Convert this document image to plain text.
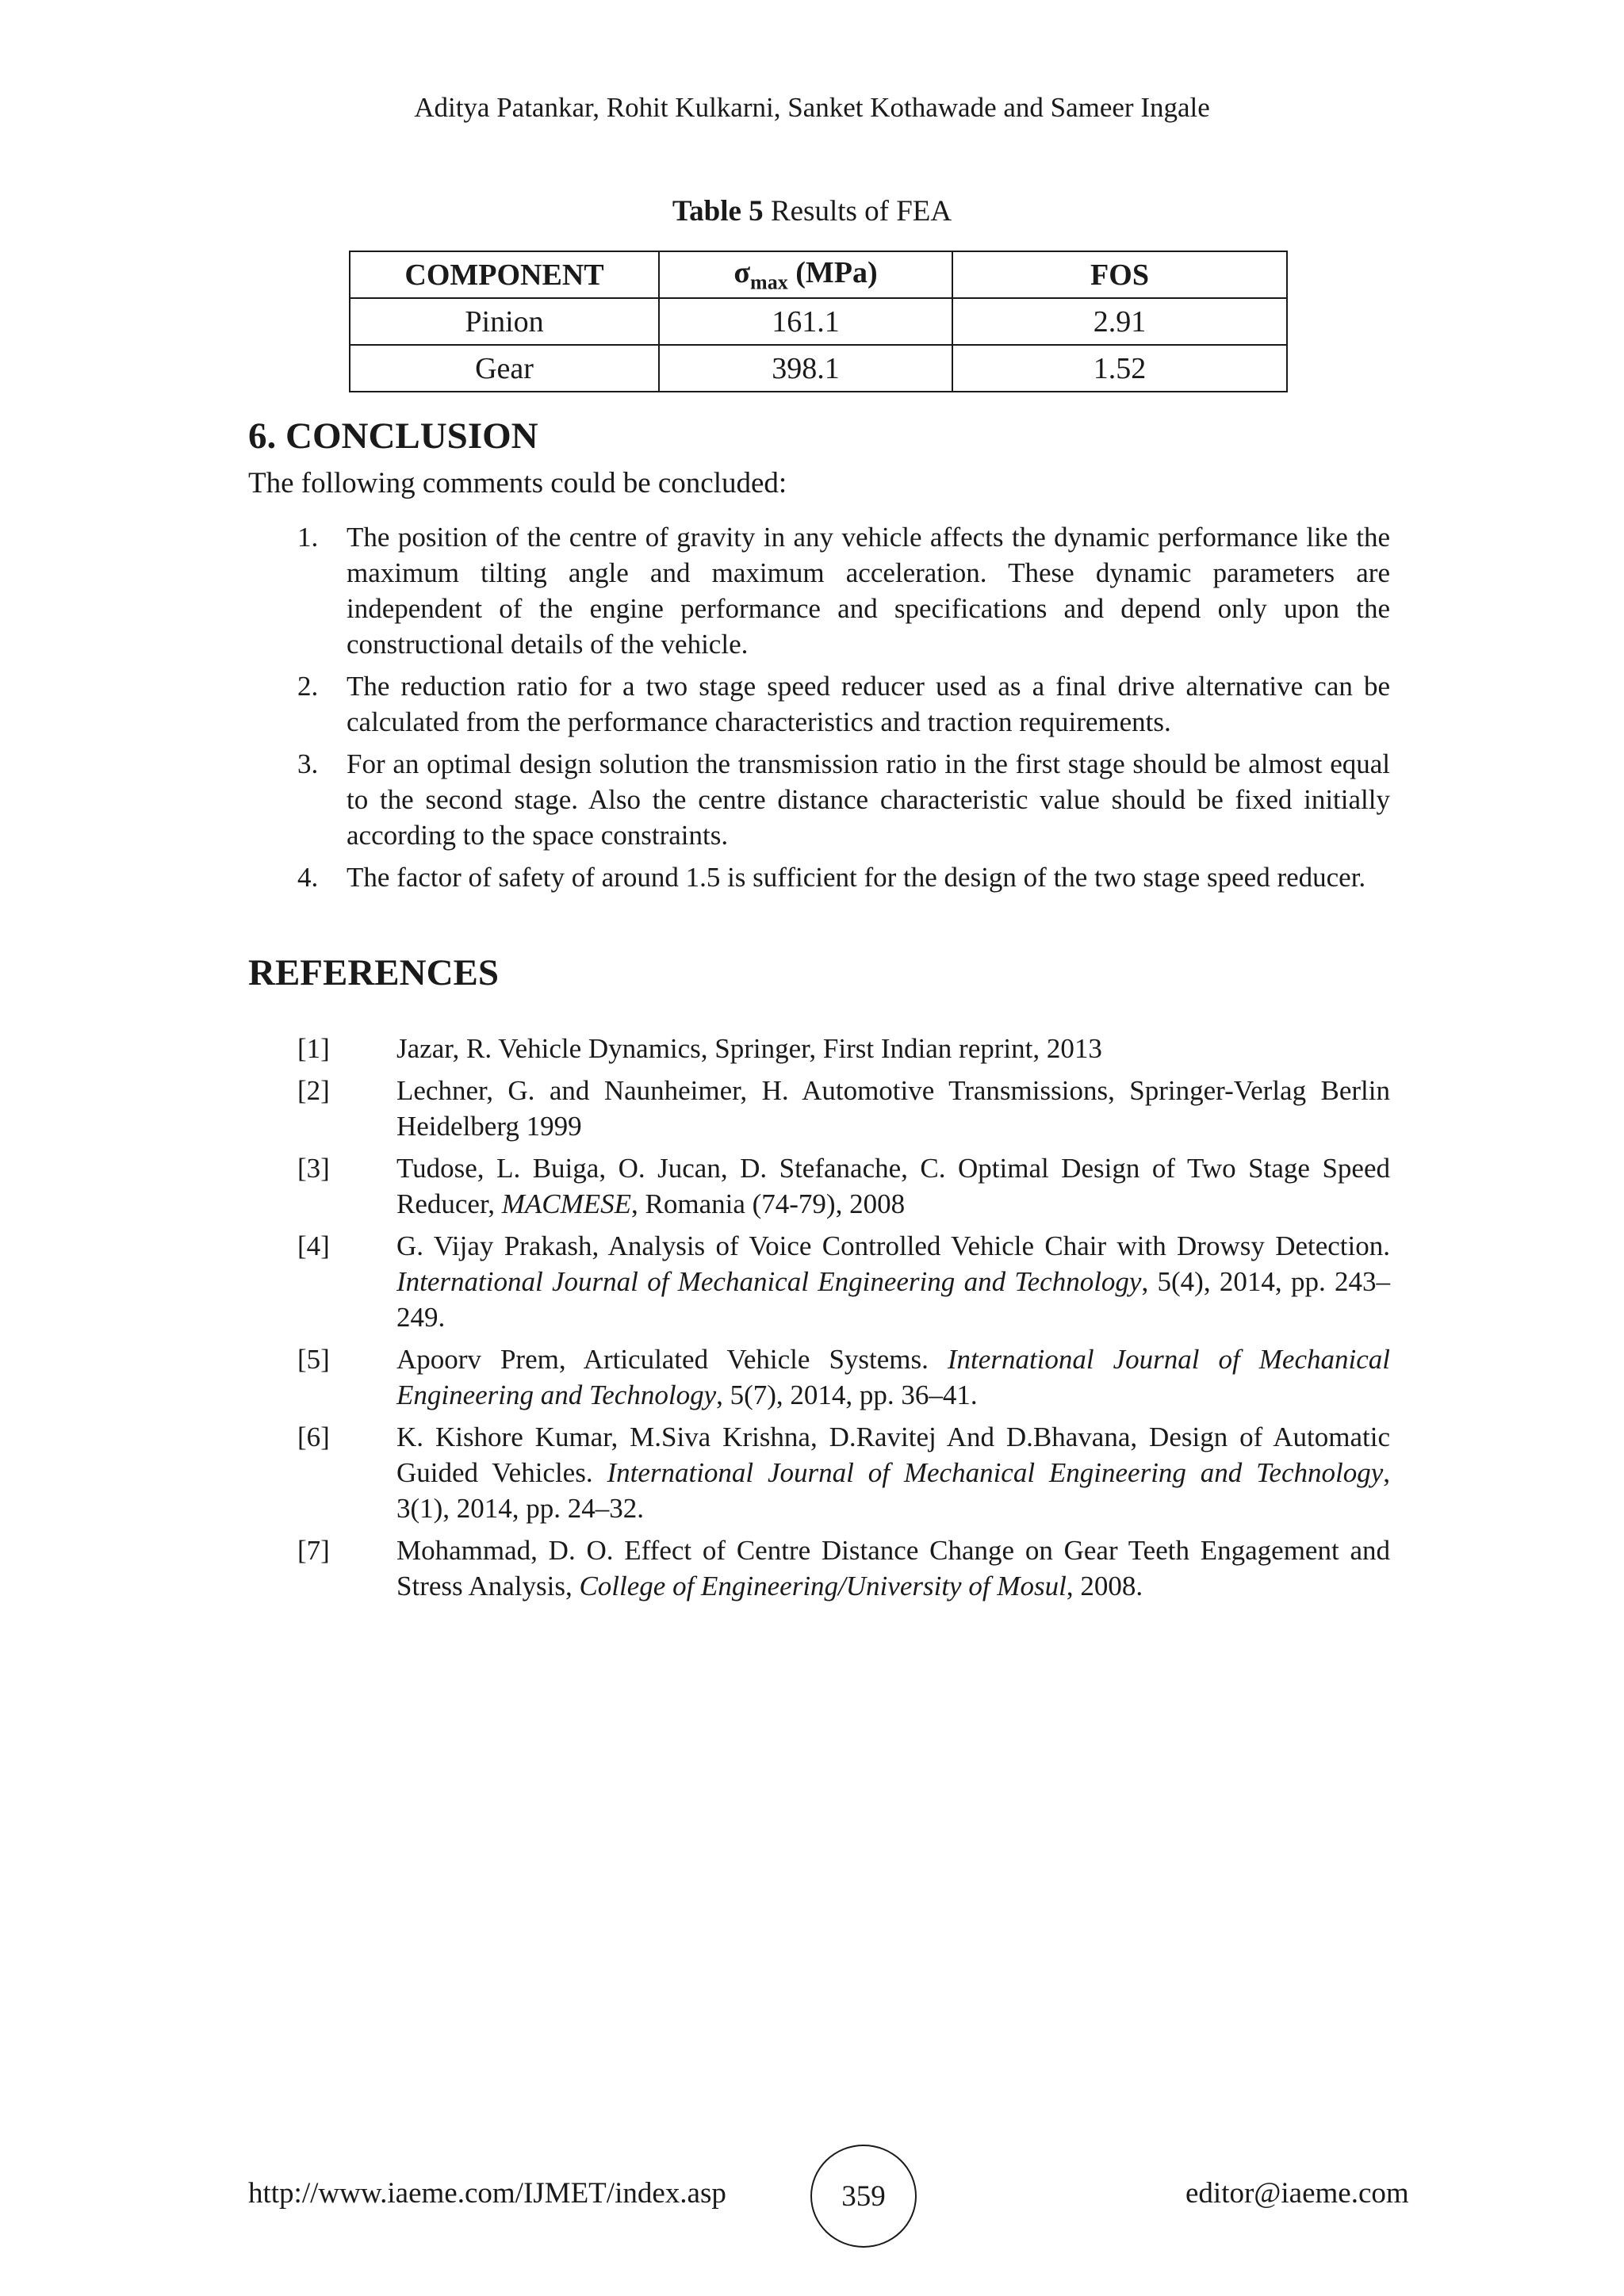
Aditya Patankar, Rohit Kulkarni, Sanket Kothawade and Sameer Ingale
Table 5 Results of FEA
COMPONENT	$\sigma_{max}$ (MPa)	FOS
Pinion	161.1	2.91
Gear	398.1	1.52
6. CONCLUSION
The following comments could be concluded:
1. The position of the centre of gravity in any vehicle affects the dynamic performance like the maximum tilting angle and maximum acceleration. These dynamic parameters are independent of the engine performance and specifications and depend only upon the constructional details of the vehicle.
2. The reduction ratio for a two stage speed reducer used as a final drive alternative can be calculated from the performance characteristics and traction requirements.
3. For an optimal design solution the transmission ratio in the first stage should be almost equal to the second stage. Also the centre distance characteristic value should be fixed initially according to the space constraints.
4. The factor of safety of around 1.5 is sufficient for the design of the two stage speed reducer.
REFERENCES
[1] Jazar, R. Vehicle Dynamics, Springer, First Indian reprint, 2013
[2] Lechner, G. and Naunheimer, H. Automotive Transmissions, Springer-Verlag Berlin Heidelberg 1999
[3] Tudose, L. Buiga, O. Jucan, D. Stefanache, C. Optimal Design of Two Stage Speed Reducer, MACMESE, Romania (74-79), 2008
[4] G. Vijay Prakash, Analysis of Voice Controlled Vehicle Chair with Drowsy Detection. International Journal of Mechanical Engineering and Technology, 5(4), 2014, pp. 243–249.
[5] Apoorv Prem, Articulated Vehicle Systems. International Journal of Mechanical Engineering and Technology, 5(7), 2014, pp. 36–41.
[6] K. Kishore Kumar, M.Siva Krishna, D.Ravitej And D.Bhavana, Design of Automatic Guided Vehicles. International Journal of Mechanical Engineering and Technology, 3(1), 2014, pp. 24–32.
[7] Mohammad, D. O. Effect of Centre Distance Change on Gear Teeth Engagement and Stress Analysis, College of Engineering/University of Mosul, 2008.
http://www.iaeme.com/IJMET/index.asp	359	editor@iaeme.com
